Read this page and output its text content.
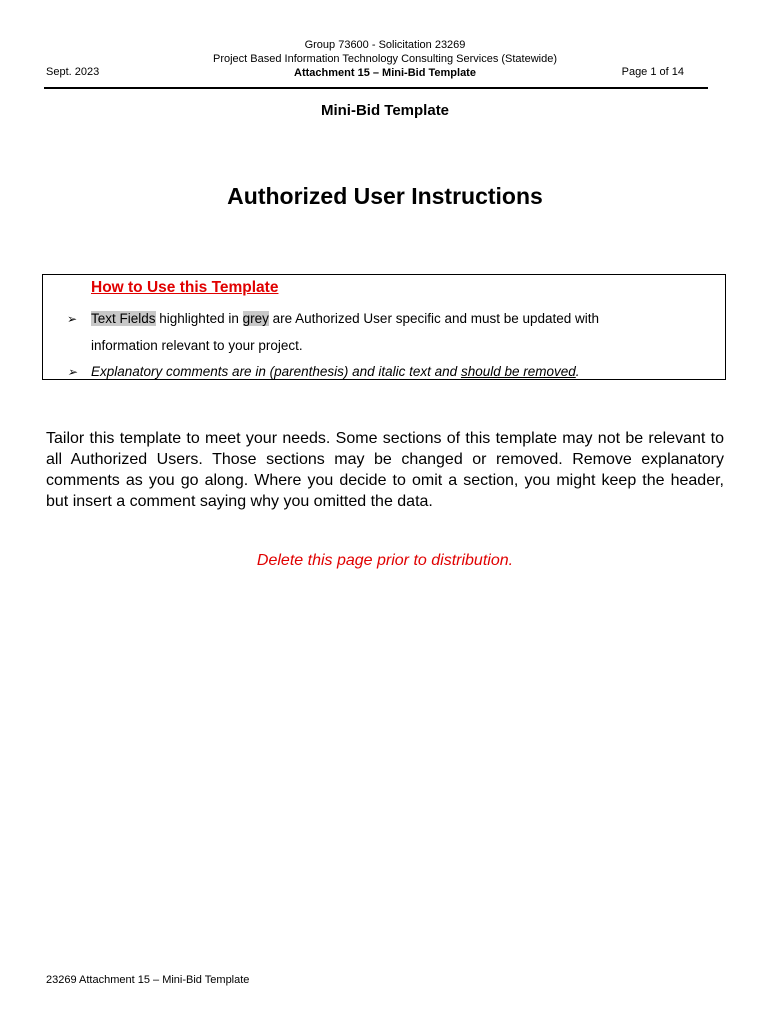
Sept. 2023
Group 73600 - Solicitation 23269
Project Based Information Technology Consulting Services (Statewide)
Attachment 15 – Mini-Bid Template	Page 1 of 14
Mini-Bid Template
Authorized User Instructions
How to Use this Template
➢ Text Fields highlighted in grey are Authorized User specific and must be updated with
information relevant to your project.
➢ Explanatory comments are in (parenthesis) and italic text and should be removed.
Tailor this template to meet your needs. Some sections of this template may not be relevant to all Authorized Users. Those sections may be changed or removed. Remove explanatory comments as you go along. Where you decide to omit a section, you might keep the header, but insert a comment saying why you omitted the data.
Delete this page prior to distribution.
23269 Attachment 15 – Mini-Bid Template
